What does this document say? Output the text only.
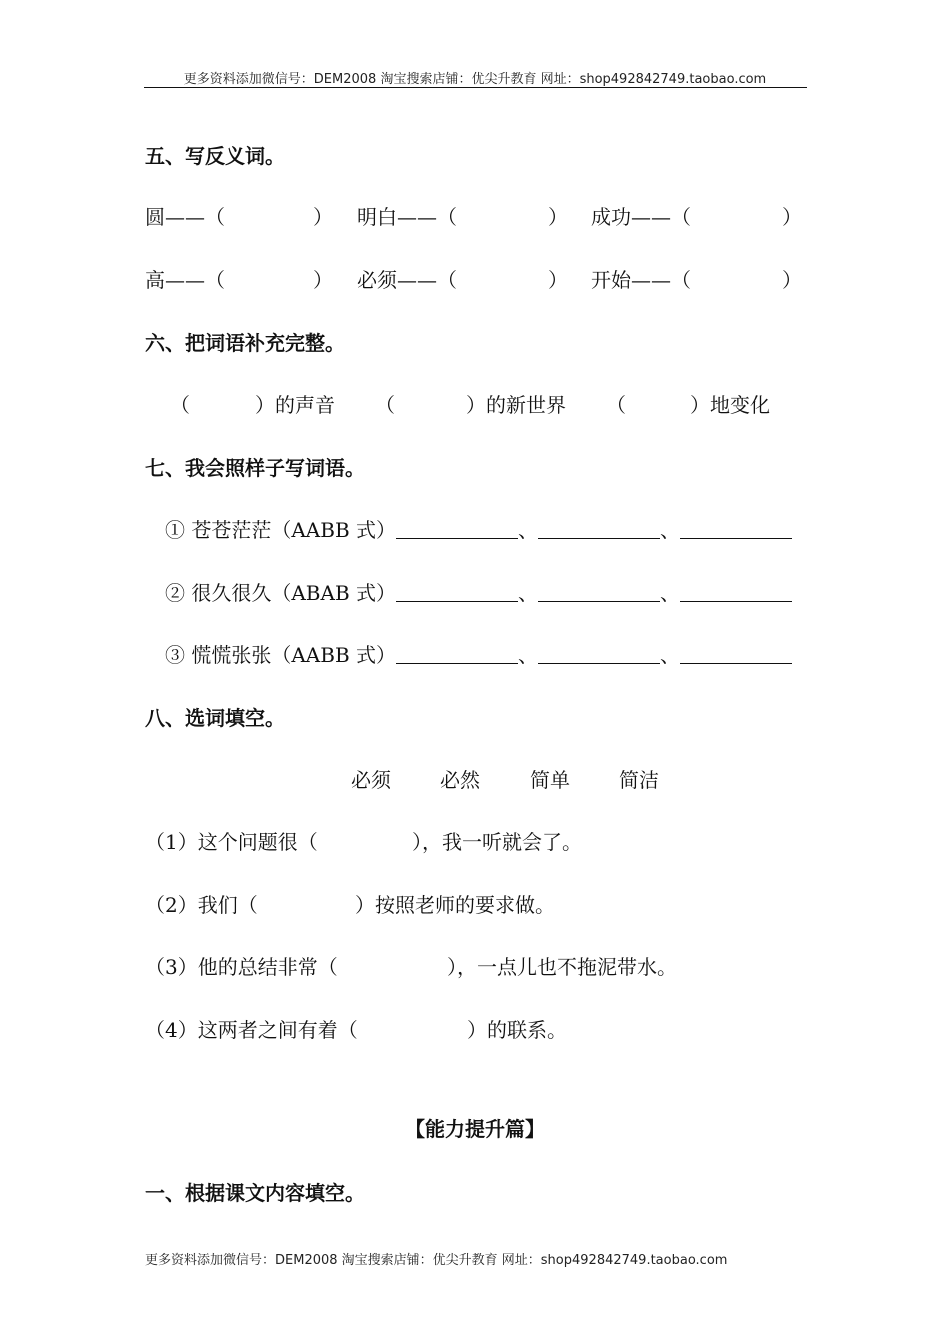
更多资料添加微信号：DEM2008 淘宝搜索店铺：优尖升教育 网址：shop492842749.taobao.com
五、写反义词。
圆——（	） 明白——（	） 成功——（	）
高——（	） 必须——（	） 开始——（	）
六、把词语补充完整。
（	）的声音 （	）的新世界 （	）地变化
七、我会照样子写词语。
① 苍苍茫茫（AABB 式）	、	、
② 很久很久（ABAB 式）	、	、
③ 慌慌张张（AABB 式）	、	、
八、选词填空。
必须 必然	简单 简洁
（1）这个问题很（	），我一听就会了。
（2）我们（	）按照老师的要求做。
（3）他的总结非常（	），一点儿也不拖泥带水。
（4）这两者之间有着（	）的联系。
【能力提升篇】
一、根据课文内容填空。
更多资料添加微信号：DEM2008 淘宝搜索店铺：优尖升教育 网址：shop492842749.taobao.com
